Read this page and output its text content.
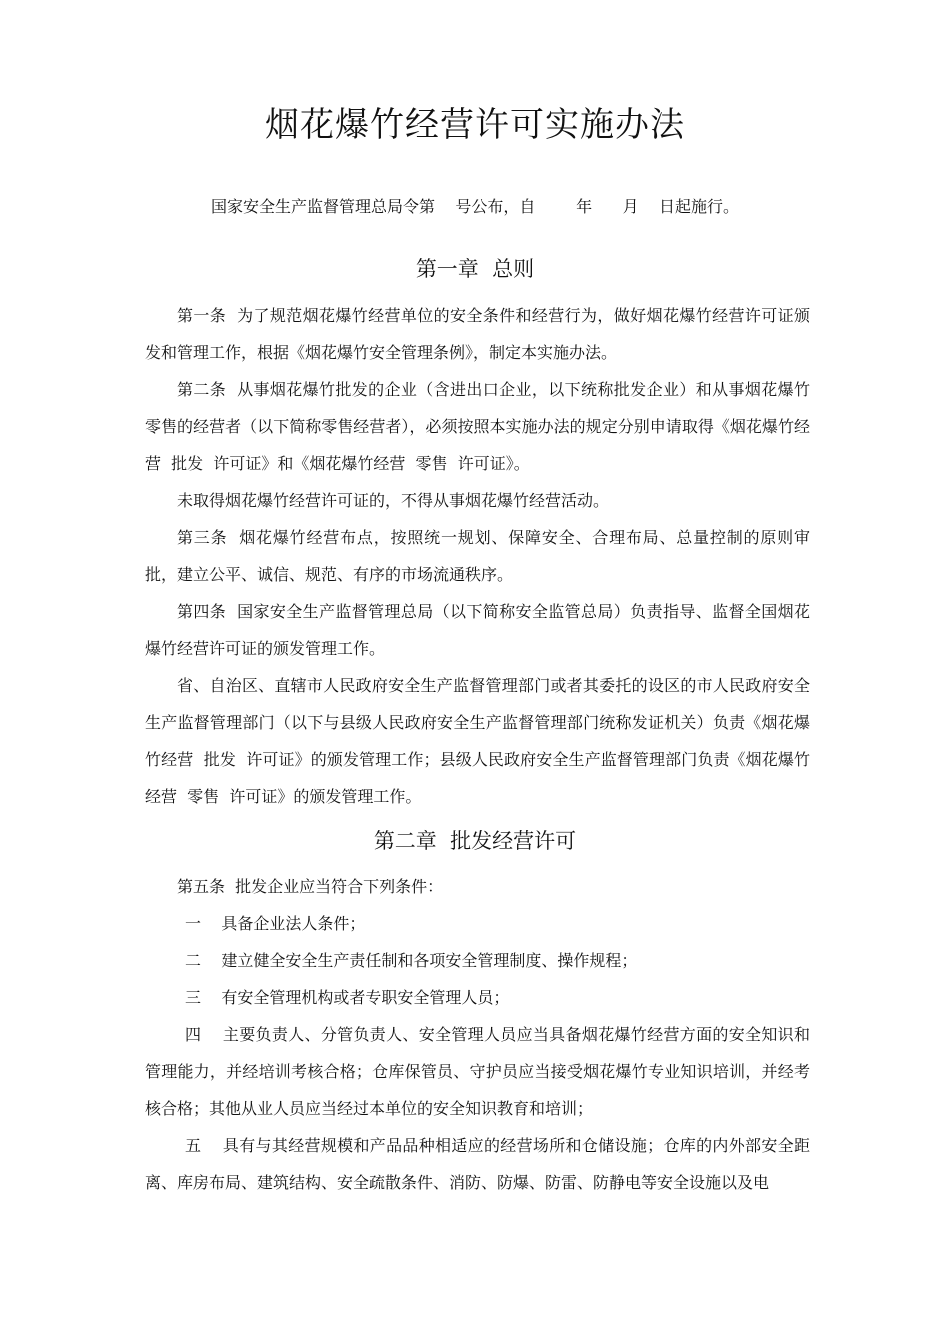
烟花爆竹经营许可实施办法
国家安全生产监督管理总局令第    号公布，自        年      月    日起施行。
第一章  总则

第一条  为了规范烟花爆竹经营单位的安全条件和经营行为，做好烟花爆竹经营许可证颁发和管理工作，根据《烟花爆竹安全管理条例》，制定本实施办法。

第二条  从事烟花爆竹批发的企业（含进出口企业，以下统称批发企业）和从事烟花爆竹零售的经营者（以下简称零售经营者），必须按照本实施办法的规定分别申请取得《烟花爆竹经营  批发  许可证》和《烟花爆竹经营  零售  许可证》。

未取得烟花爆竹经营许可证的，不得从事烟花爆竹经营活动。

第三条  烟花爆竹经营布点，按照统一规划、保障安全、合理布局、总量控制的原则审批，建立公平、诚信、规范、有序的市场流通秩序。

第四条  国家安全生产监督管理总局（以下简称安全监管总局）负责指导、监督全国烟花爆竹经营许可证的颁发管理工作。

省、自治区、直辖市人民政府安全生产监督管理部门或者其委托的设区的市人民政府安全生产监督管理部门（以下与县级人民政府安全生产监督管理部门统称发证机关）负责《烟花爆竹经营  批发  许可证》的颁发管理工作；县级人民政府安全生产监督管理部门负责《烟花爆竹经营  零售  许可证》的颁发管理工作。

第二章  批发经营许可

第五条  批发企业应当符合下列条件：

一    具备企业法人条件；

二    建立健全安全生产责任制和各项安全管理制度、操作规程；

三    有安全管理机构或者专职安全管理人员；

四    主要负责人、分管负责人、安全管理人员应当具备烟花爆竹经营方面的安全知识和管理能力，并经培训考核合格；仓库保管员、守护员应当接受烟花爆竹专业知识培训，并经考核合格；其他从业人员应当经过本单位的安全知识教育和培训；

五    具有与其经营规模和产品品种相适应的经营场所和仓储设施；仓库的内外部安全距离、库房布局、建筑结构、安全疏散条件、消防、防爆、防雷、防静电等安全设施以及电
